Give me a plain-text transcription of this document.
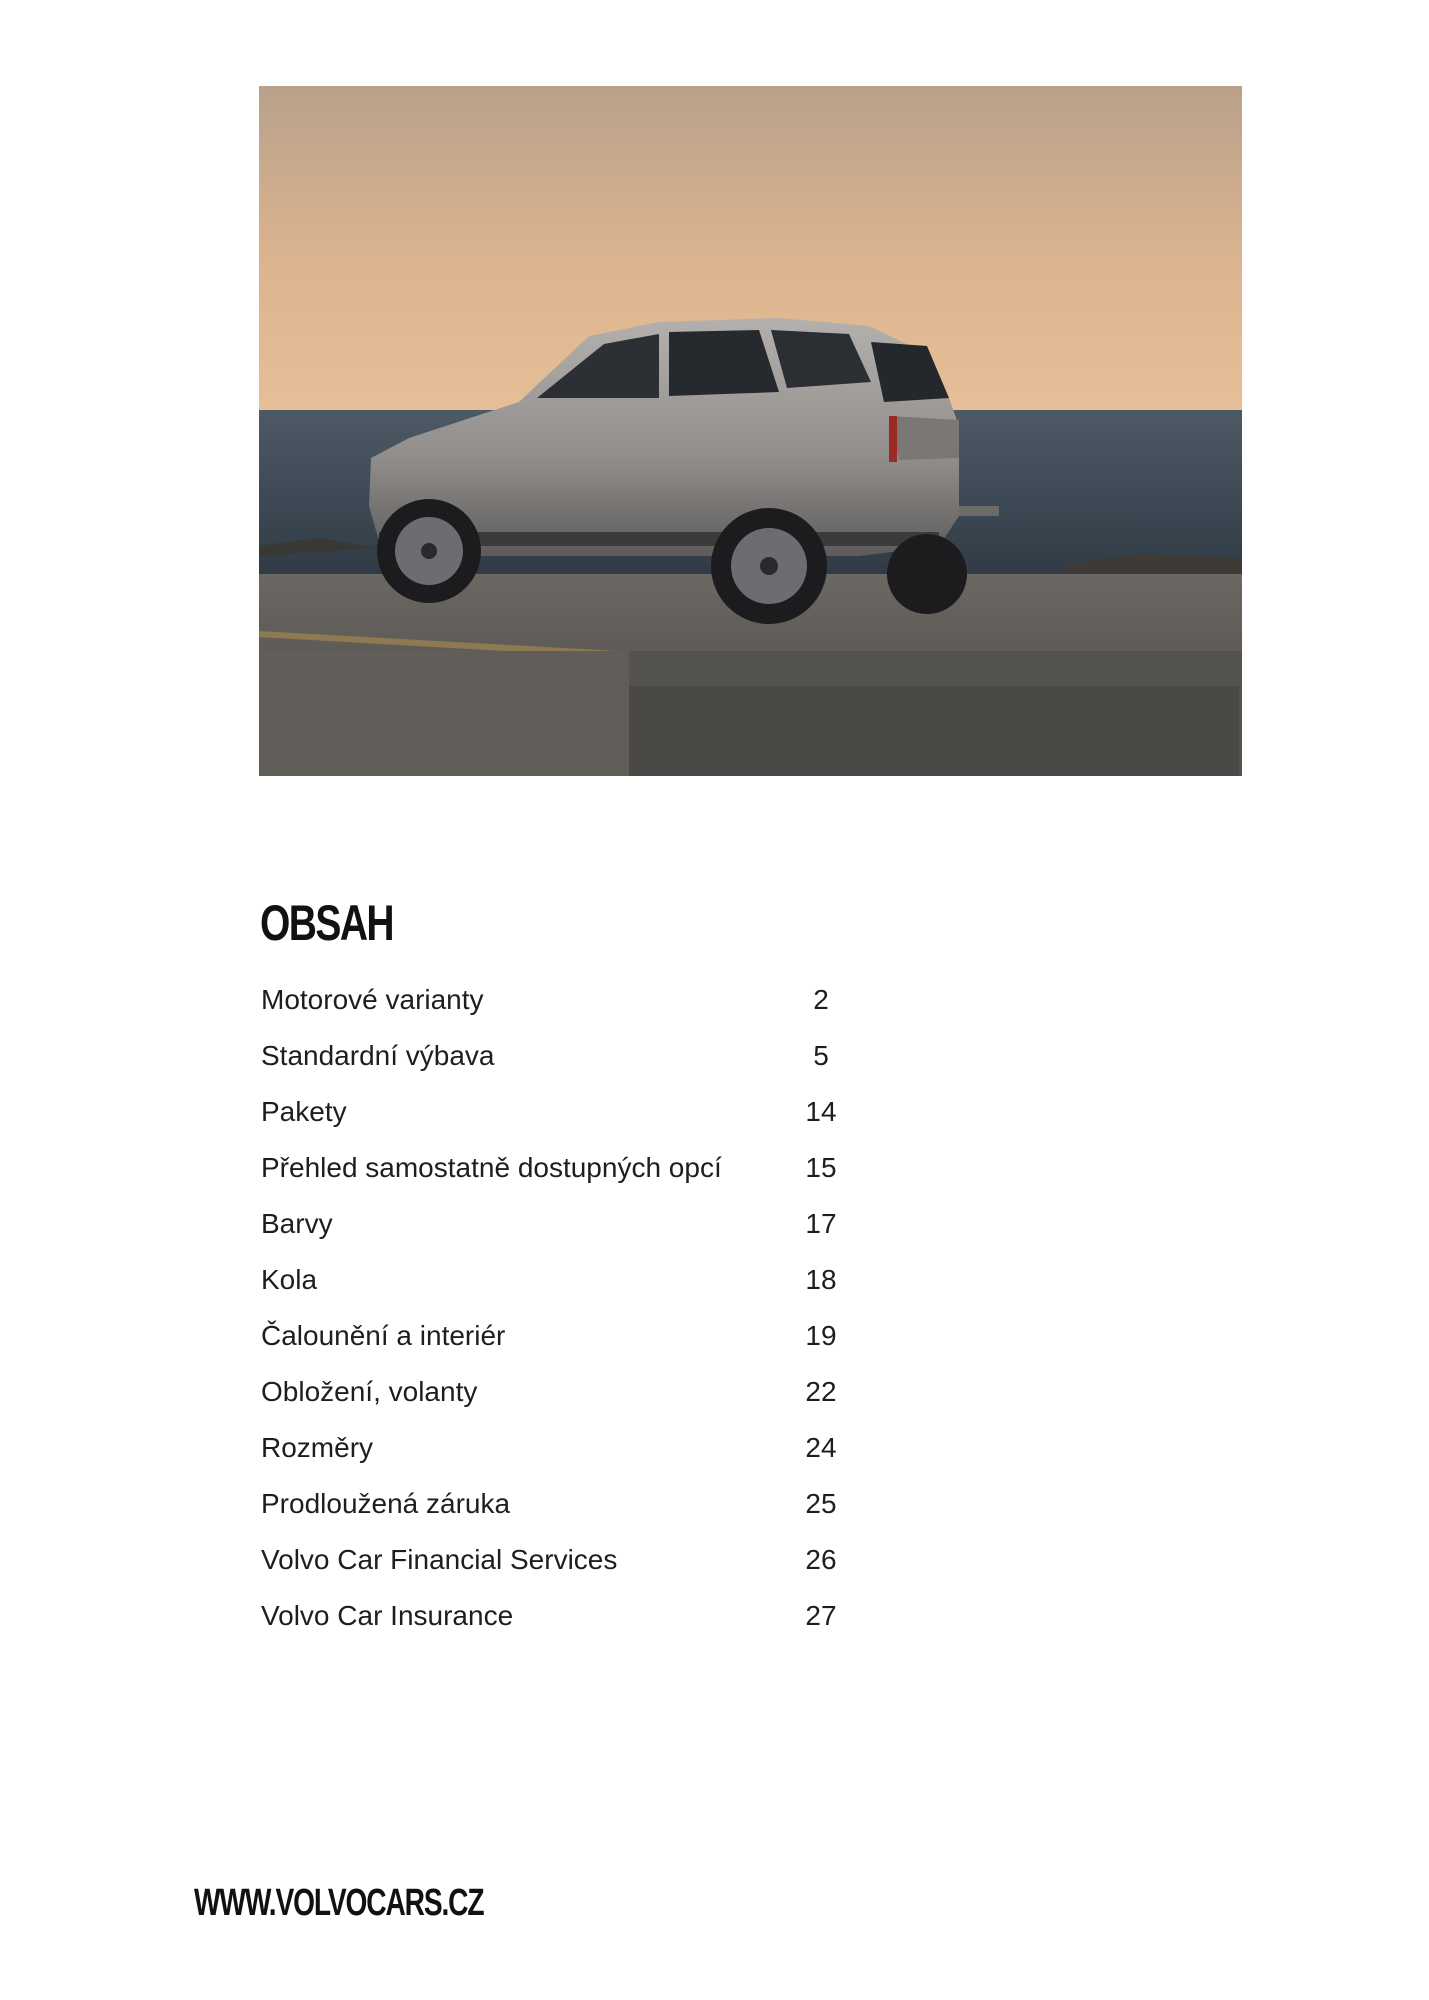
OBSAH
Motorové varianty	2
Standardní výbava	5
Pakety	14
Přehled samostatně dostupných opcí	15
Barvy	17
Kola	18
Čalounění a interiér	19
Obložení, volanty	22
Rozměry	24
Prodloužená záruka	25
Volvo Car Financial Services	26
Volvo Car Insurance	27

WWW.VOLVOCARS.CZ
